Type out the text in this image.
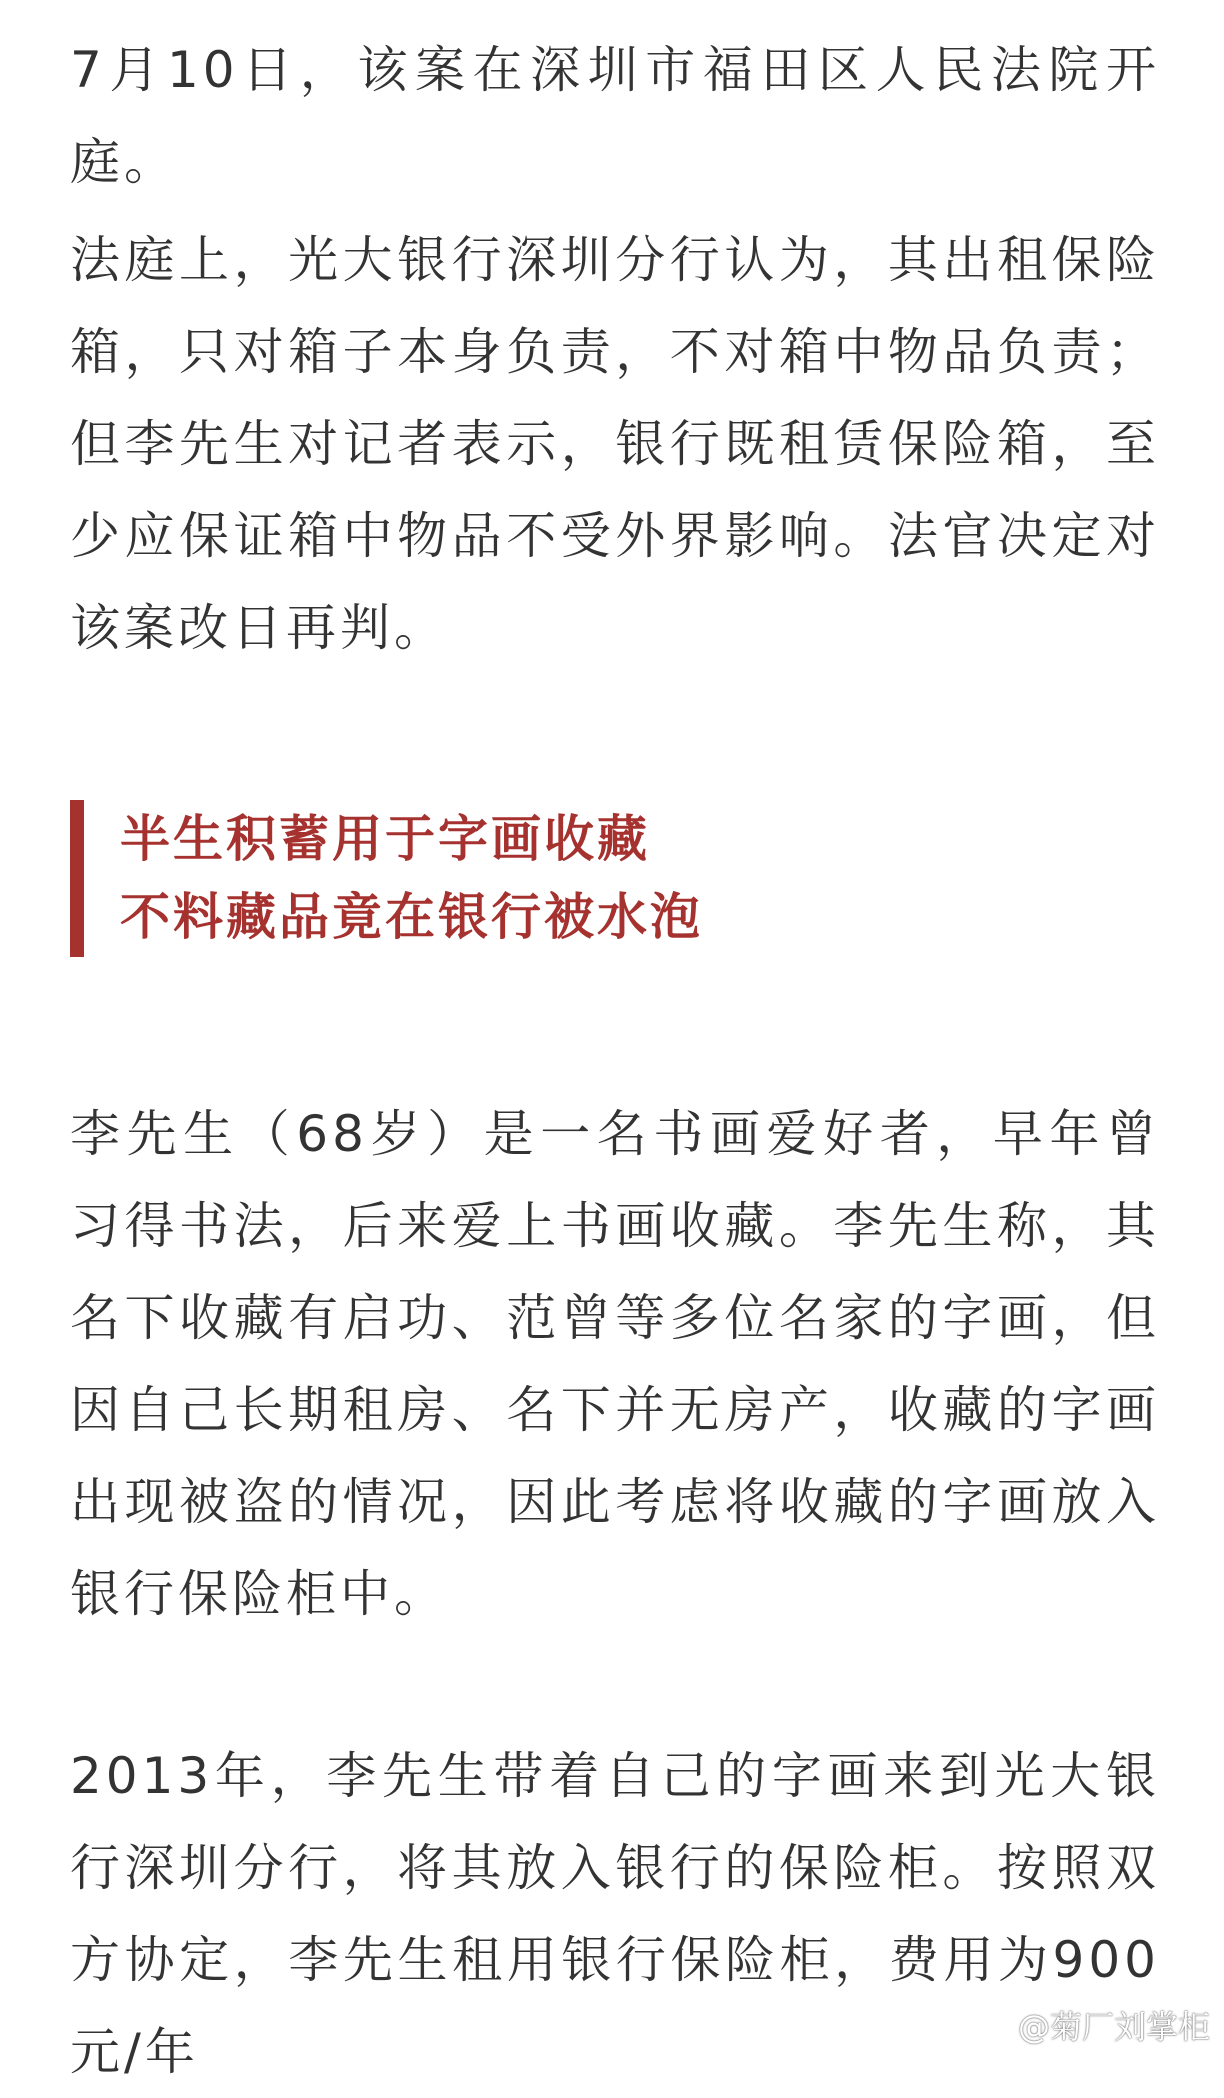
7月10日，该案在深圳市福田区人民法院开庭。

法庭上，光大银行深圳分行认为，其出租保险箱，只对箱子本身负责，不对箱中物品负责；但李先生对记者表示，银行既租赁保险箱，至少应保证箱中物品不受外界影响。法官决定对该案改日再判。

半生积蓄用于字画收藏
不料藏品竟在银行被水泡

李先生（68岁）是一名书画爱好者，早年曾习得书法，后来爱上书画收藏。李先生称，其名下收藏有启功、范曾等多位名家的字画，但因自己长期租房、名下并无房产，收藏的字画出现被盗的情况，因此考虑将收藏的字画放入银行保险柜中。

2013年，李先生带着自己的字画来到光大银行深圳分行，将其放入银行的保险柜。按照双方协定，李先生租用银行保险柜，费用为900元/年	@菊厂刘掌柜
